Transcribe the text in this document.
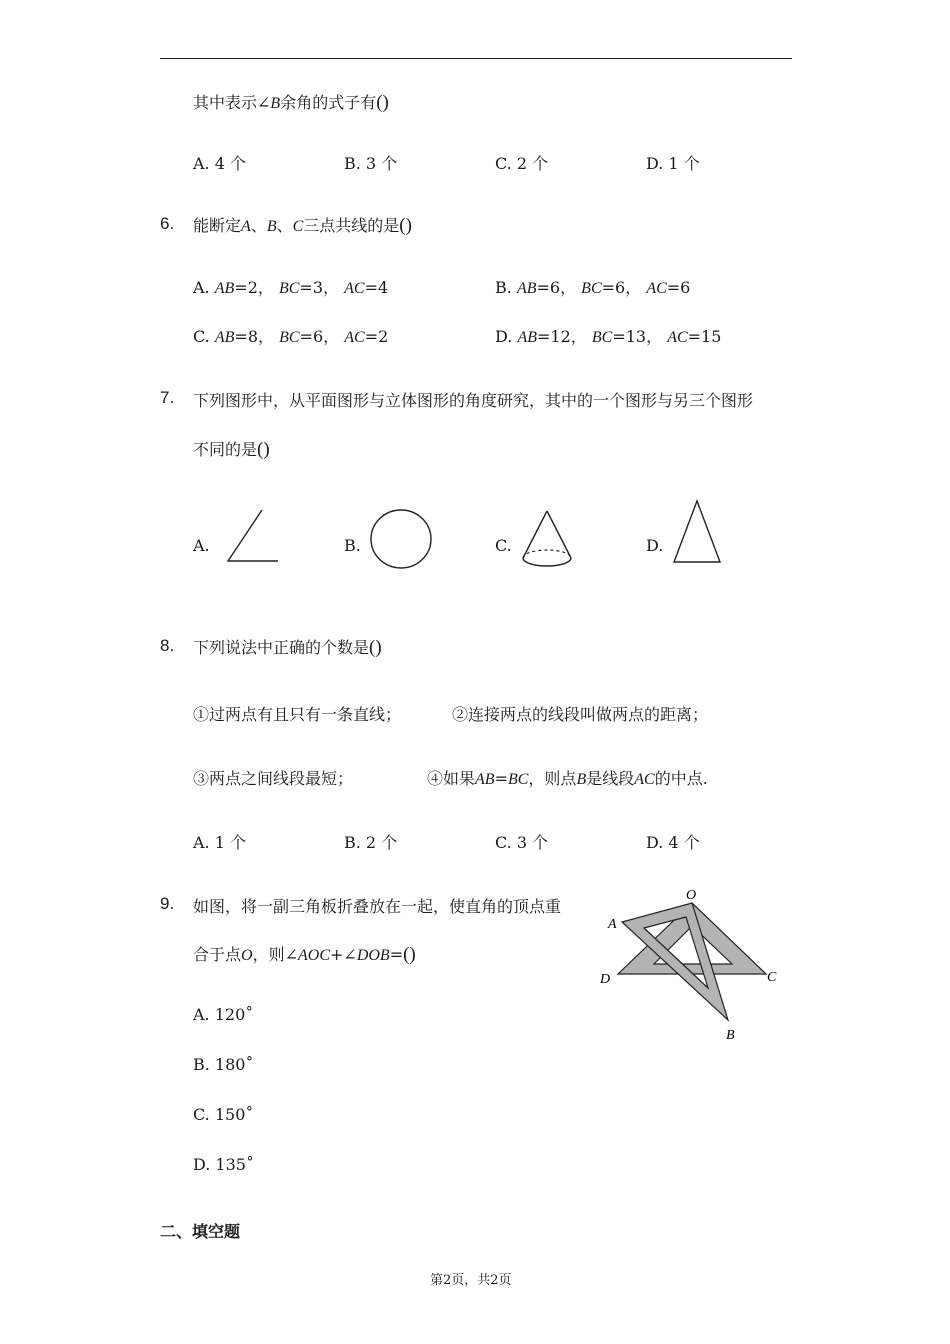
其中表示∠B余角的式子有()
A. 4 个	B. 3 个	C. 2 个	D. 1 个
6. 能断定A、B、C三点共线的是()
A. AB=2， BC=3， AC=4	B. AB=6， BC=6， AC=6
C. AB=8， BC=6， AC=2	D. AB=12， BC=13， AC=15
7. 下列图形中，从平面图形与立体图形的角度研究，其中的一个图形与另三个图形
不同的是()
A.	B.	C.	D.
8. 下列说法中正确的个数是()
①过两点有且只有一条直线；	②连接两点的线段叫做两点的距离；
③两点之间线段最短；	④如果AB=BC，则点B是线段AC的中点.
A. 1 个	B. 2 个	C. 3 个	D. 4 个
9. 如图，将一副三角板折叠放在一起，使直角的顶点重
合于点O，则∠AOC+∠DOB=()
O
A
D	C
B
A. 120˚
B. 180˚
C. 150˚
D. 135˚
二、填空题
第2页，共2页
